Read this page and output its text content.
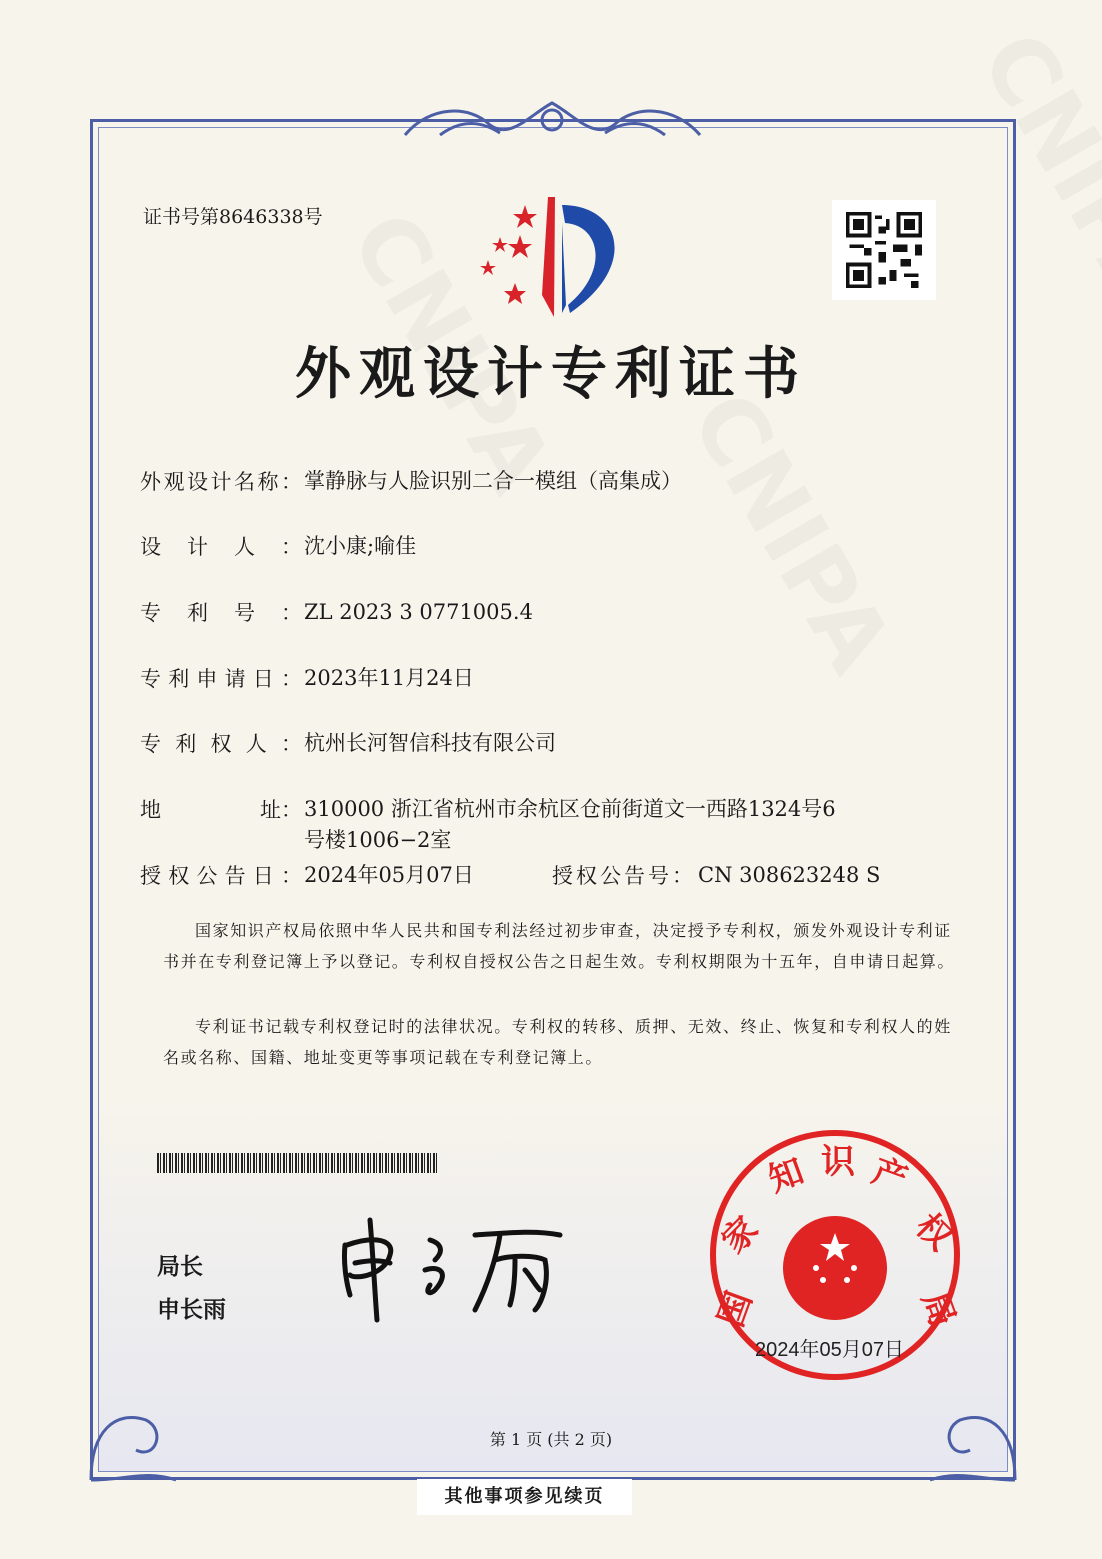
证书号第8646338号
外观设计专利证书
外 观 设 计 名 称 ： 掌静脉与人脸识别二合一模组（高集成）
设 计 人 ： 沈小康;喻佳
专 利 号 ： ZL 2023 3 0771005.4
专 利 申 请 日 ： 2023年11月24日
专 利 权 人 ： 杭州长河智信科技有限公司
地	址 ： 310000 浙江省杭州市余杭区仓前街道文一西路1324号6
号楼1006−2室
授 权 公 告 日 ： 2024年05月07日	授权公告号： CN 308623248 S
国家知识产权局依照中华人民共和国专利法经过初步审查，决定授予专利权，颁发外观设计专利证书并在专利登记簿上予以登记。专利权自授权公告之日起生效。专利权期限为十五年，自申请日起算。
专利证书记载专利权登记时的法律状况。专利权的转移、质押、无效、终止、恢复和专利权人的姓名或名称、国籍、地址变更等事项记载在专利登记簿上。
局长
申长雨	国
家
知 识 产
权
局
2024年05月07日
第 1 页 (共 2 页)
其他事项参见续页
